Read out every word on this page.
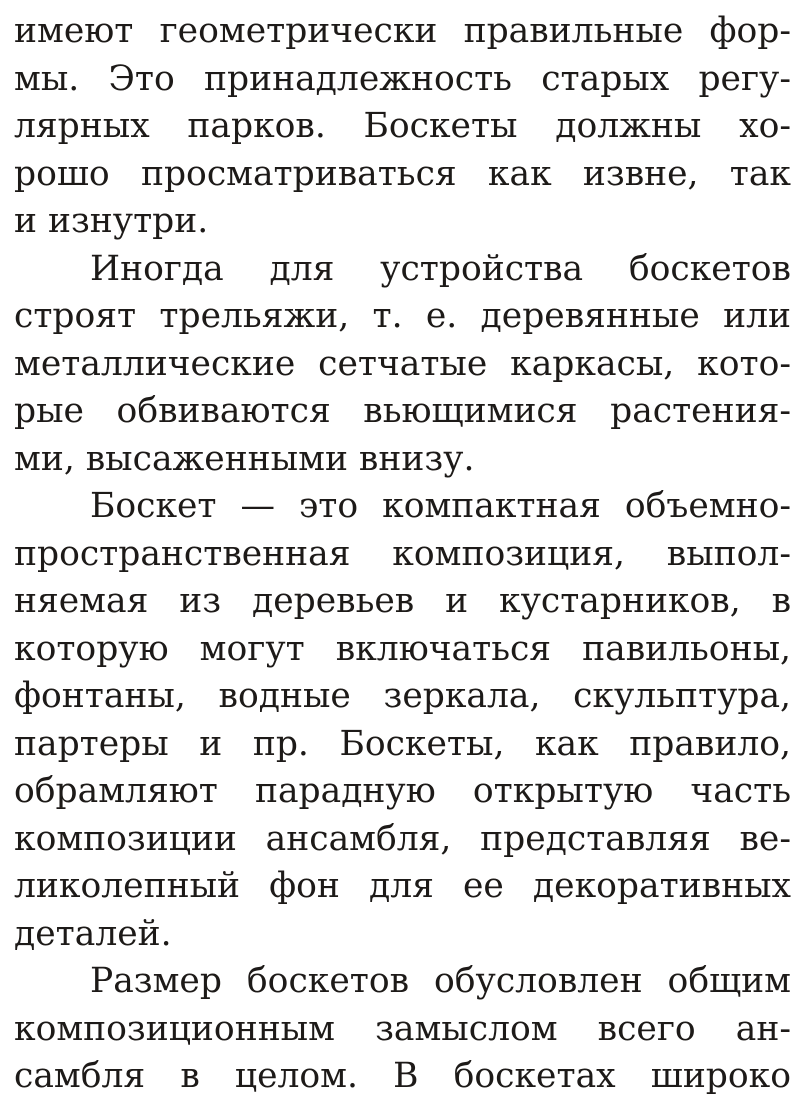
имеют геометрически правильные фор-
мы. Это принадлежность старых регу-
лярных парков. Боскеты должны хо-
рошо просматриваться как извне, так
и изнутри.

Иногда для устройства боскетов
строят трельяжи, т. е. деревянные или
металлические сетчатые каркасы, кото-
рые обвиваются вьющимися растения-
ми, высаженными внизу.

Боскет — это компактная объемно-
пространственная композиция, выпол-
няемая из деревьев и кустарников, в
которую могут включаться павильоны,
фонтаны, водные зеркала, скульптура,
партеры и пр. Боскеты, как правило,
обрамляют парадную открытую часть
композиции ансамбля, представляя ве-
ликолепный фон для ее декоративных
деталей.

Размер боскетов обусловлен общим
композиционным замыслом всего ан-
самбля в целом. В боскетах широко
